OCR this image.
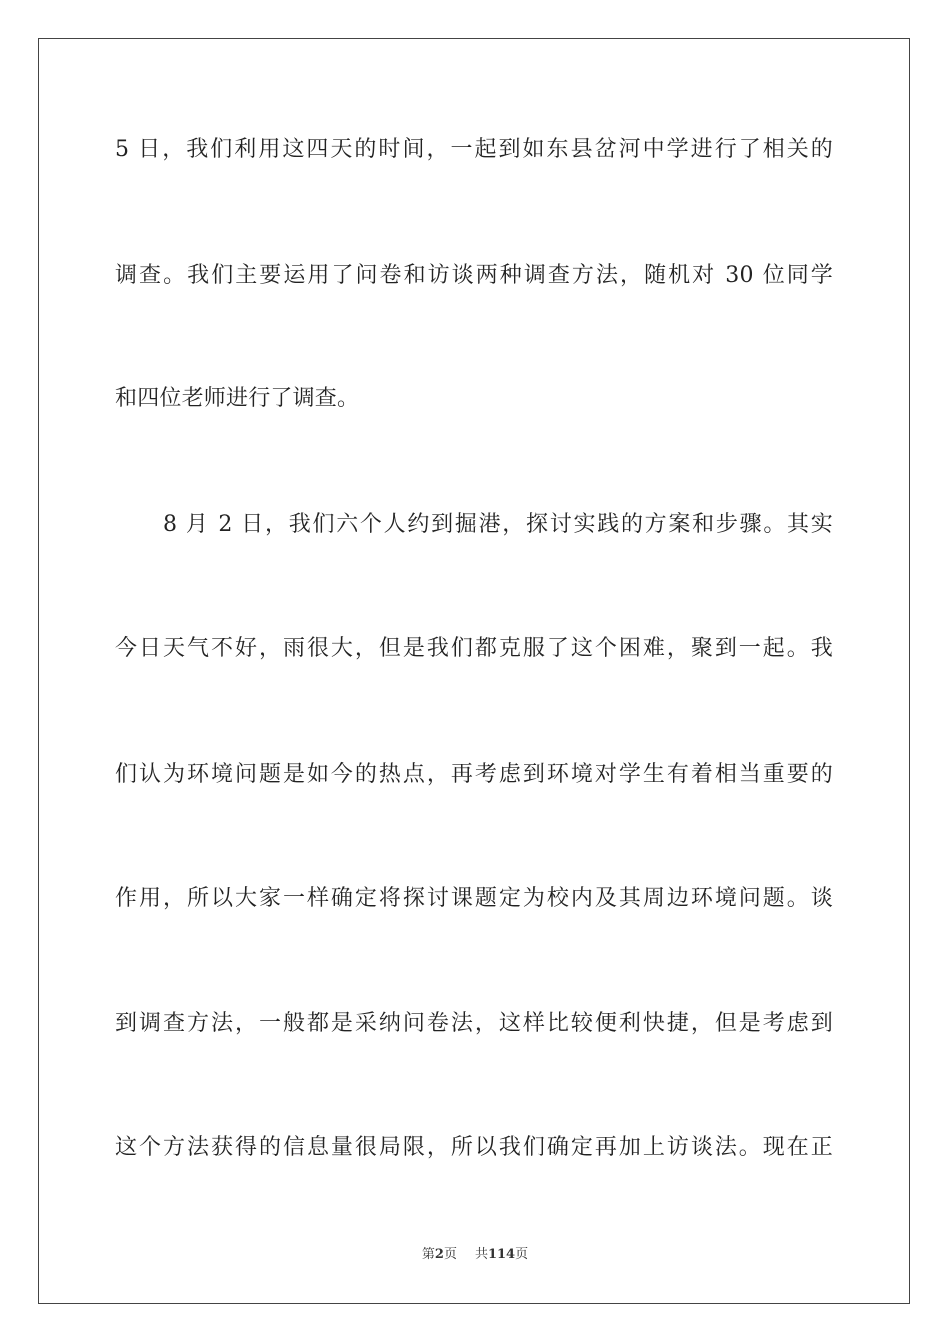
5 日，我们利用这四天的时间，一起到如东县岔河中学进行了相关的
调查。我们主要运用了问卷和访谈两种调查方法，随机对 30 位同学
和四位老师进行了调查。
8 月 2 日，我们六个人约到掘港，探讨实践的方案和步骤。其实
今日天气不好，雨很大，但是我们都克服了这个困难，聚到一起。我
们认为环境问题是如今的热点，再考虑到环境对学生有着相当重要的
作用，所以大家一样确定将探讨课题定为校内及其周边环境问题。谈
到调查方法，一般都是采纳问卷法，这样比较便利快捷，但是考虑到
这个方法获得的信息量很局限，所以我们确定再加上访谈法。现在正
第2页 共114页
